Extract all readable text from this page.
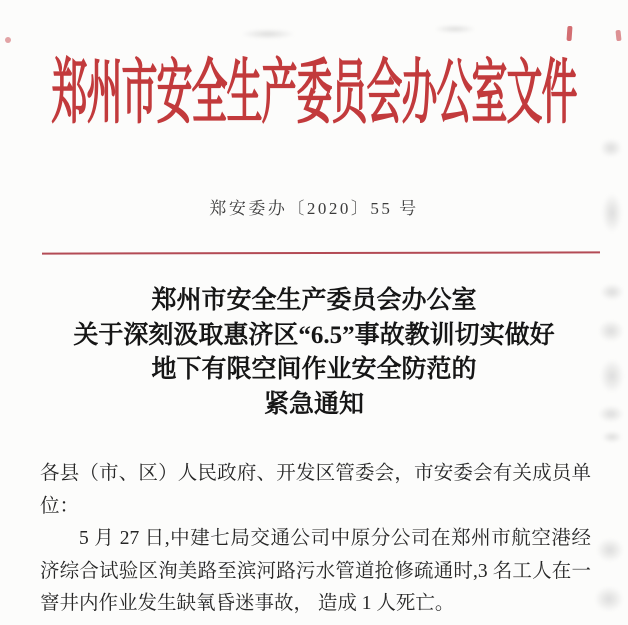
郑州市安全生产委员会办公室文件
郑安委办〔2020〕55 号
郑州市安全生产委员会办公室
关于深刻汲取惠济区“6.5”事故教训切实做好
地下有限空间作业安全防范的
紧急通知

各县（市、区）人民政府、开发区管委会，市安委会有关成员单位：

5 月 27 日,中建七局交通公司中原分公司在郑州市航空港经济综合试验区洵美路至滨河路污水管道抢修疏通时,3 名工人在一窨井内作业发生缺氧昏迷事故， 造成 1 人死亡。
